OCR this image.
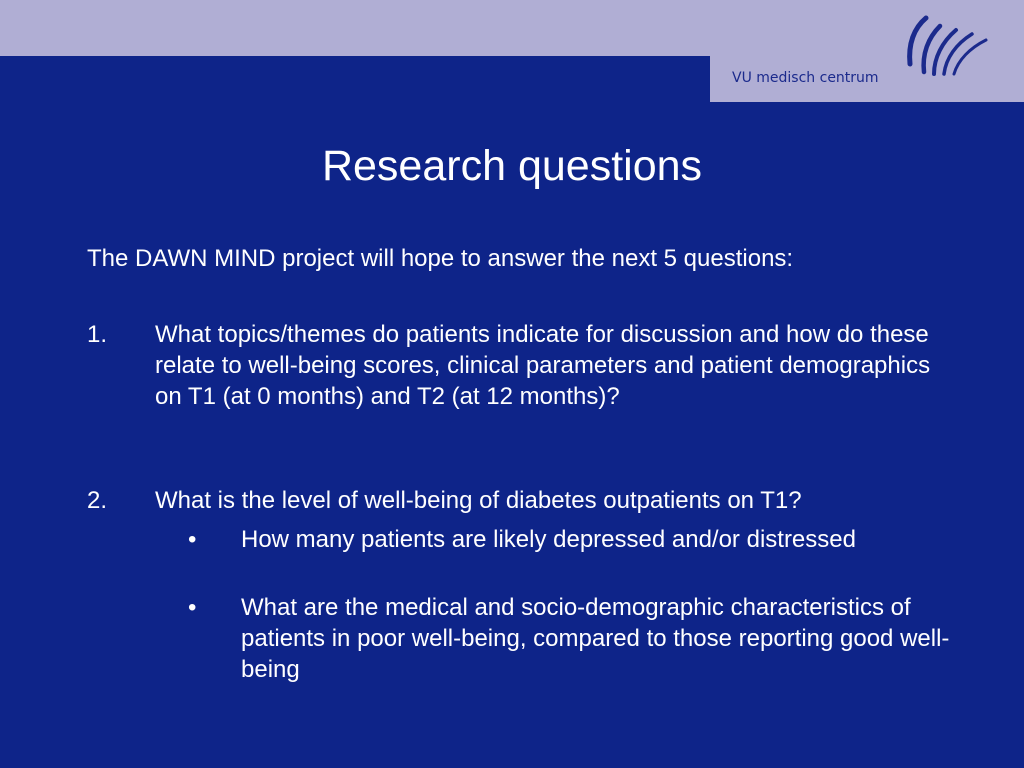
VU medisch centrum
Research questions
The DAWN MIND project will hope to answer the next 5 questions:
1. What topics/themes do patients indicate for discussion and how do these relate to well-being scores, clinical parameters and patient demographics on T1 (at 0 months) and T2 (at 12 months)?
2. What is the level of well-being of diabetes outpatients on T1?
• How many patients are likely depressed and/or distressed
• What are the medical and socio-demographic characteristics of patients in poor well-being, compared to those reporting good well-being
